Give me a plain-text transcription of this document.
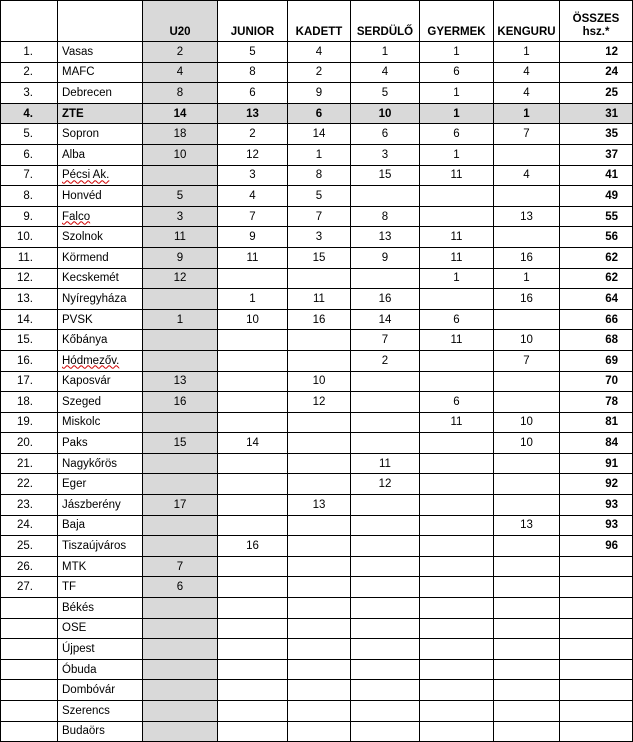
		U20	JUNIOR	KADETT	SERDÜLŐ	GYERMEK	KENGURU	ÖSSZES
hsz.*
1.	Vasas	2	5	4	1	1	1	12
2.	MAFC	4	8	2	4	6	4	24
3.	Debrecen	8	6	9	5	1	4	25
4.	ZTE	14	13	6	10	1	1	31
5.	Sopron	18	2	14	6	6	7	35
6.	Alba	10	12	1	3	1		37
7.	Pécsi Ak.		3	8	15	11	4	41
8.	Honvéd	5	4	5				49
9.	Falco	3	7	7	8		13	55
10.	Szolnok	11	9	3	13	11		56
11.	Körmend	9	11	15	9	11	16	62
12.	Kecskemét	12				1	1	62
13.	Nyíregyháza		1	11	16		16	64
14.	PVSK	1	10	16	14	6		66
15.	Kőbánya				7	11	10	68
16.	Hódmezőv.				2		7	69
17.	Kaposvár	13		10				70
18.	Szeged	16		12		6		78
19.	Miskolc					11	10	81
20.	Paks	15	14				10	84
21.	Nagykőrös				11			91
22.	Eger				12			92
23.	Jászberény	17		13				93
24.	Baja						13	93
25.	Tiszaújváros		16					96
26.	MTK	7						
27.	TF	6						
	Békés							
	OSE							
	Újpest							
	Óbuda							
	Dombóvár							
	Szerencs							
	Budaörs							
